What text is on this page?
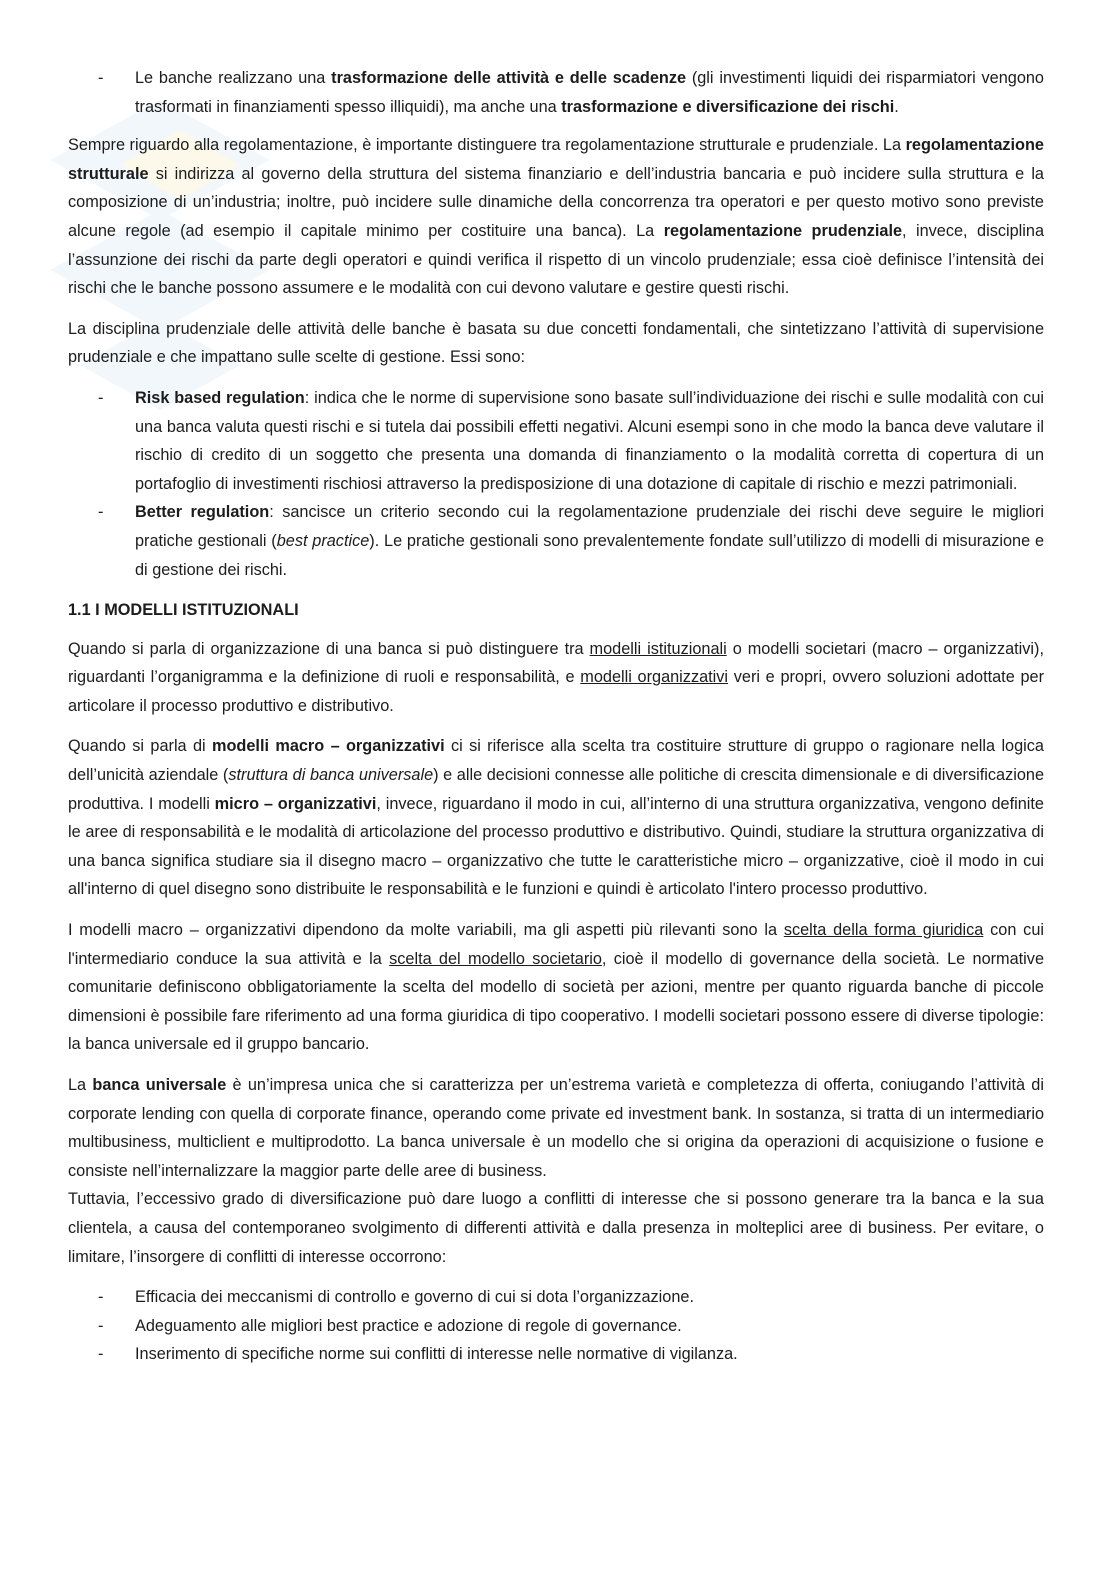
- Le banche realizzano una trasformazione delle attività e delle scadenze (gli investimenti liquidi dei risparmiatori vengono trasformati in finanziamenti spesso illiquidi), ma anche una trasformazione e diversificazione dei rischi.

Sempre riguardo alla regolamentazione, è importante distinguere tra regolamentazione strutturale e prudenziale. La regolamentazione strutturale si indirizza al governo della struttura del sistema finanziario e dell’industria bancaria e può incidere sulla struttura e la composizione di un’industria; inoltre, può incidere sulle dinamiche della concorrenza tra operatori e per questo motivo sono previste alcune regole (ad esempio il capitale minimo per costituire una banca). La regolamentazione prudenziale, invece, disciplina l’assunzione dei rischi da parte degli operatori e quindi verifica il rispetto di un vincolo prudenziale; essa cioè definisce l’intensità dei rischi che le banche possono assumere e le modalità con cui devono valutare e gestire questi rischi.

La disciplina prudenziale delle attività delle banche è basata su due concetti fondamentali, che sintetizzano l’attività di supervisione prudenziale e che impattano sulle scelte di gestione. Essi sono:

- Risk based regulation: indica che le norme di supervisione sono basate sull’individuazione dei rischi e sulle modalità con cui una banca valuta questi rischi e si tutela dai possibili effetti negativi. Alcuni esempi sono in che modo la banca deve valutare il rischio di credito di un soggetto che presenta una domanda di finanziamento o la modalità corretta di copertura di un portafoglio di investimenti rischiosi attraverso la predisposizione di una dotazione di capitale di rischio e mezzi patrimoniali.
- Better regulation: sancisce un criterio secondo cui la regolamentazione prudenziale dei rischi deve seguire le migliori pratiche gestionali (best practice). Le pratiche gestionali sono prevalentemente fondate sull’utilizzo di modelli di misurazione e di gestione dei rischi.
1.1 I MODELLI ISTITUZIONALI

Quando si parla di organizzazione di una banca si può distinguere tra modelli istituzionali o modelli societari (macro – organizzativi), riguardanti l’organigramma e la definizione di ruoli e responsabilità, e modelli organizzativi veri e propri, ovvero soluzioni adottate per articolare il processo produttivo e distributivo.

Quando si parla di modelli macro – organizzativi ci si riferisce alla scelta tra costituire strutture di gruppo o ragionare nella logica dell’unicità aziendale (struttura di banca universale) e alle decisioni connesse alle politiche di crescita dimensionale e di diversificazione produttiva. I modelli micro – organizzativi, invece, riguardano il modo in cui, all’interno di una struttura organizzativa, vengono definite le aree di responsabilità e le modalità di articolazione del processo produttivo e distributivo. Quindi, studiare la struttura organizzativa di una banca significa studiare sia il disegno macro – organizzativo che tutte le caratteristiche micro – organizzative, cioè il modo in cui all'interno di quel disegno sono distribuite le responsabilità e le funzioni e quindi è articolato l'intero processo produttivo.

I modelli macro – organizzativi dipendono da molte variabili, ma gli aspetti più rilevanti sono la scelta della forma giuridica con cui l'intermediario conduce la sua attività e la scelta del modello societario, cioè il modello di governance della società. Le normative comunitarie definiscono obbligatoriamente la scelta del modello di società per azioni, mentre per quanto riguarda banche di piccole dimensioni è possibile fare riferimento ad una forma giuridica di tipo cooperativo. I modelli societari possono essere di diverse tipologie: la banca universale ed il gruppo bancario.

La banca universale è un’impresa unica che si caratterizza per un’estrema varietà e completezza di offerta, coniugando l’attività di corporate lending con quella di corporate finance, operando come private ed investment bank. In sostanza, si tratta di un intermediario multibusiness, multiclient e multiprodotto. La banca universale è un modello che si origina da operazioni di acquisizione o fusione e consiste nell’internalizzare la maggior parte delle aree di business.
Tuttavia, l’eccessivo grado di diversificazione può dare luogo a conflitti di interesse che si possono generare tra la banca e la sua clientela, a causa del contemporaneo svolgimento di differenti attività e dalla presenza in molteplici aree di business. Per evitare, o limitare, l’insorgere di conflitti di interesse occorrono:

- Efficacia dei meccanismi di controllo e governo di cui si dota l’organizzazione.
- Adeguamento alle migliori best practice e adozione di regole di governance.
- Inserimento di specifiche norme sui conflitti di interesse nelle normative di vigilanza.
